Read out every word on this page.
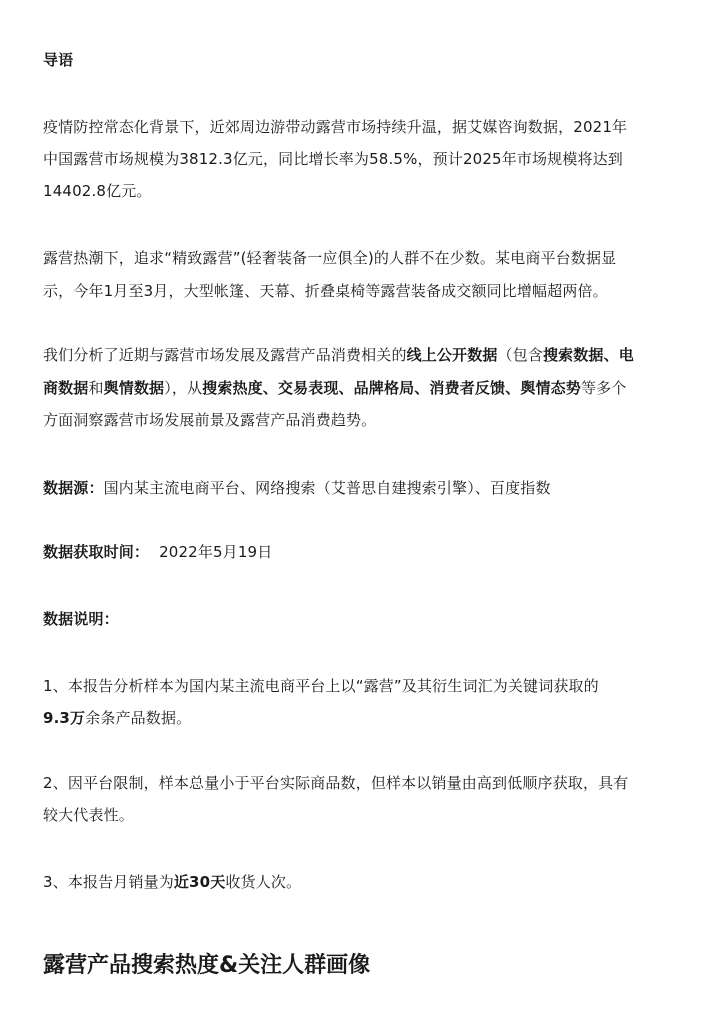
导语
疫情防控常态化背景下，近郊周边游带动露营市场持续升温，据艾媒咨询数据，2021年
中国露营市场规模为3812.3亿元，同比增长率为58.5%，预计2025年市场规模将达到
14402.8亿元。
露营热潮下，追求“精致露营”(轻奢装备一应俱全)的人群不在少数。某电商平台数据显
示，今年1月至3月，大型帐篷、天幕、折叠桌椅等露营装备成交额同比增幅超两倍。
我们分析了近期与露营市场发展及露营产品消费相关的线上公开数据（包含搜索数据、电
商数据和舆情数据），从搜索热度、交易表现、品牌格局、消费者反馈、舆情态势等多个
方面洞察露营市场发展前景及露营产品消费趋势。
数据源：国内某主流电商平台、网络搜索（艾普思自建搜索引擎）、百度指数
数据获取时间： 2022年5月19日
数据说明：
1、本报告分析样本为国内某主流电商平台上以“露营”及其衍生词汇为关键词获取的
9.3万余条产品数据。
2、因平台限制，样本总量小于平台实际商品数，但样本以销量由高到低顺序获取，具有
较大代表性。
3、本报告月销量为近30天收货人次。
露营产品搜索热度&关注人群画像
